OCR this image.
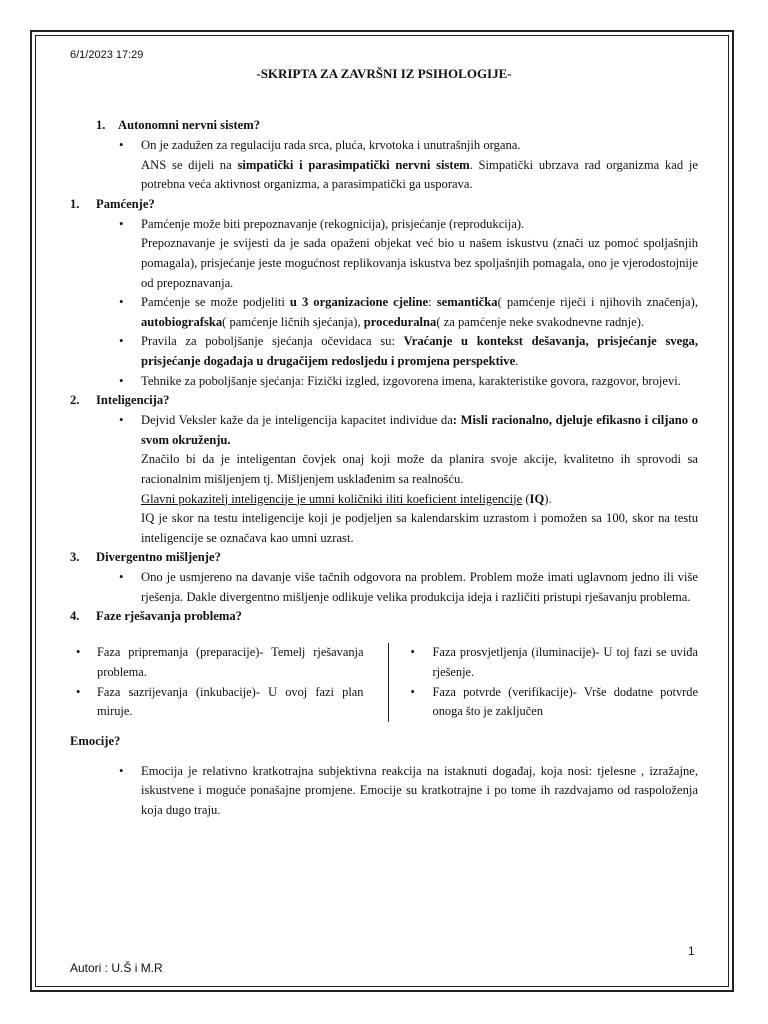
6/1/2023 17:29
-SKRIPTA ZA ZAVRŠNI IZ PSIHOLOGIJE-
1. Autonomni nervni sistem?
• On je zadužen za regulaciju rada srca, pluća, krvotoka i unutrašnjih organa.
ANS se dijeli na simpatički i parasimpatički nervni sistem. Simpatički ubrzava rad organizma kad je potrebna veća aktivnost organizma, a parasimpatički ga usporava.
1. Pamćenje?
• Pamćenje može biti prepoznavanje (rekognicija), prisjećanje (reprodukcija).
Prepoznavanje je svijesti da je sada opaženi objekat već bio u našem iskustvu (znači uz pomoć spoljašnjih pomagala), prisjećanje jeste mogućnost replikovanja iskustva bez spoljašnjih pomagala, ono je vjerodostojnije od prepoznavanja.
• Pamćenje se može podjeliti u 3 organizacione cjeline: semantička( pamćenje riječi i njihovih značenja), autobiografska( pamćenje ličnih sjećanja), proceduralna( za pamćenje neke svakodnevne radnje).
• Pravila za poboljšanje sjećanja očevidaca su: Vraćanje u kontekst dešavanja, prisjećanje svega, prisjećanje događaja u drugačijem redosljedu i promjena perspektive.
• Tehnike za poboljšanje sjećanja: Fizički izgled, izgovorena imena, karakteristike govora, razgovor, brojevi.
2. Inteligencija?
• Dejvid Veksler kaže da je inteligencija kapacitet individue da: Misli racionalno, djeluje efikasno i ciljano o svom okruženju.
Značilo bi da je inteligentan čovjek onaj koji može da planira svoje akcije, kvalitetno ih sprovodi sa racionalnim mišljenjem tj. Mišljenjem usklađenim sa realnošću.
Glavni pokazitelj inteligencije je umni količniki iliti koeficient inteligencije (IQ).
IQ je skor na testu inteligencije koji je podjeljen sa kalendarskim uzrastom i pomožen sa 100, skor na testu inteligencije se označava kao umni uzrast.
3. Divergentno mišljenje?
• Ono je usmjereno na davanje više tačnih odgovora na problem. Problem može imati uglavnom jedno ili više rješenja. Dakle divergentno mišljenje odlikuje velika produkcija ideja i različiti pristupi rješavanju problema.
4. Faze rješavanja problema?
• Faza pripremanja (preparacije)- Temelj rješavanja problema.
• Faza sazrijevanja (inkubacije)- U ovoj fazi plan miruje.
• Faza prosvjetljenja (iluminacije)- U toj fazi se uviđa rješenje.
• Faza potvrde (verifikacije)- Vrše dodatne potvrde onoga što je zaključen
Emocije?
• Emocija je relativno kratkotrajna subjektivna reakcija na istaknuti događaj, koja nosi: tjelesne , izražajne, iskustvene i moguće ponašajne promjene. Emocije su kratkotrajne i po tome ih razdvajamo od raspoloženja koja dugo traju.
1
Autori : U.Š i M.R
